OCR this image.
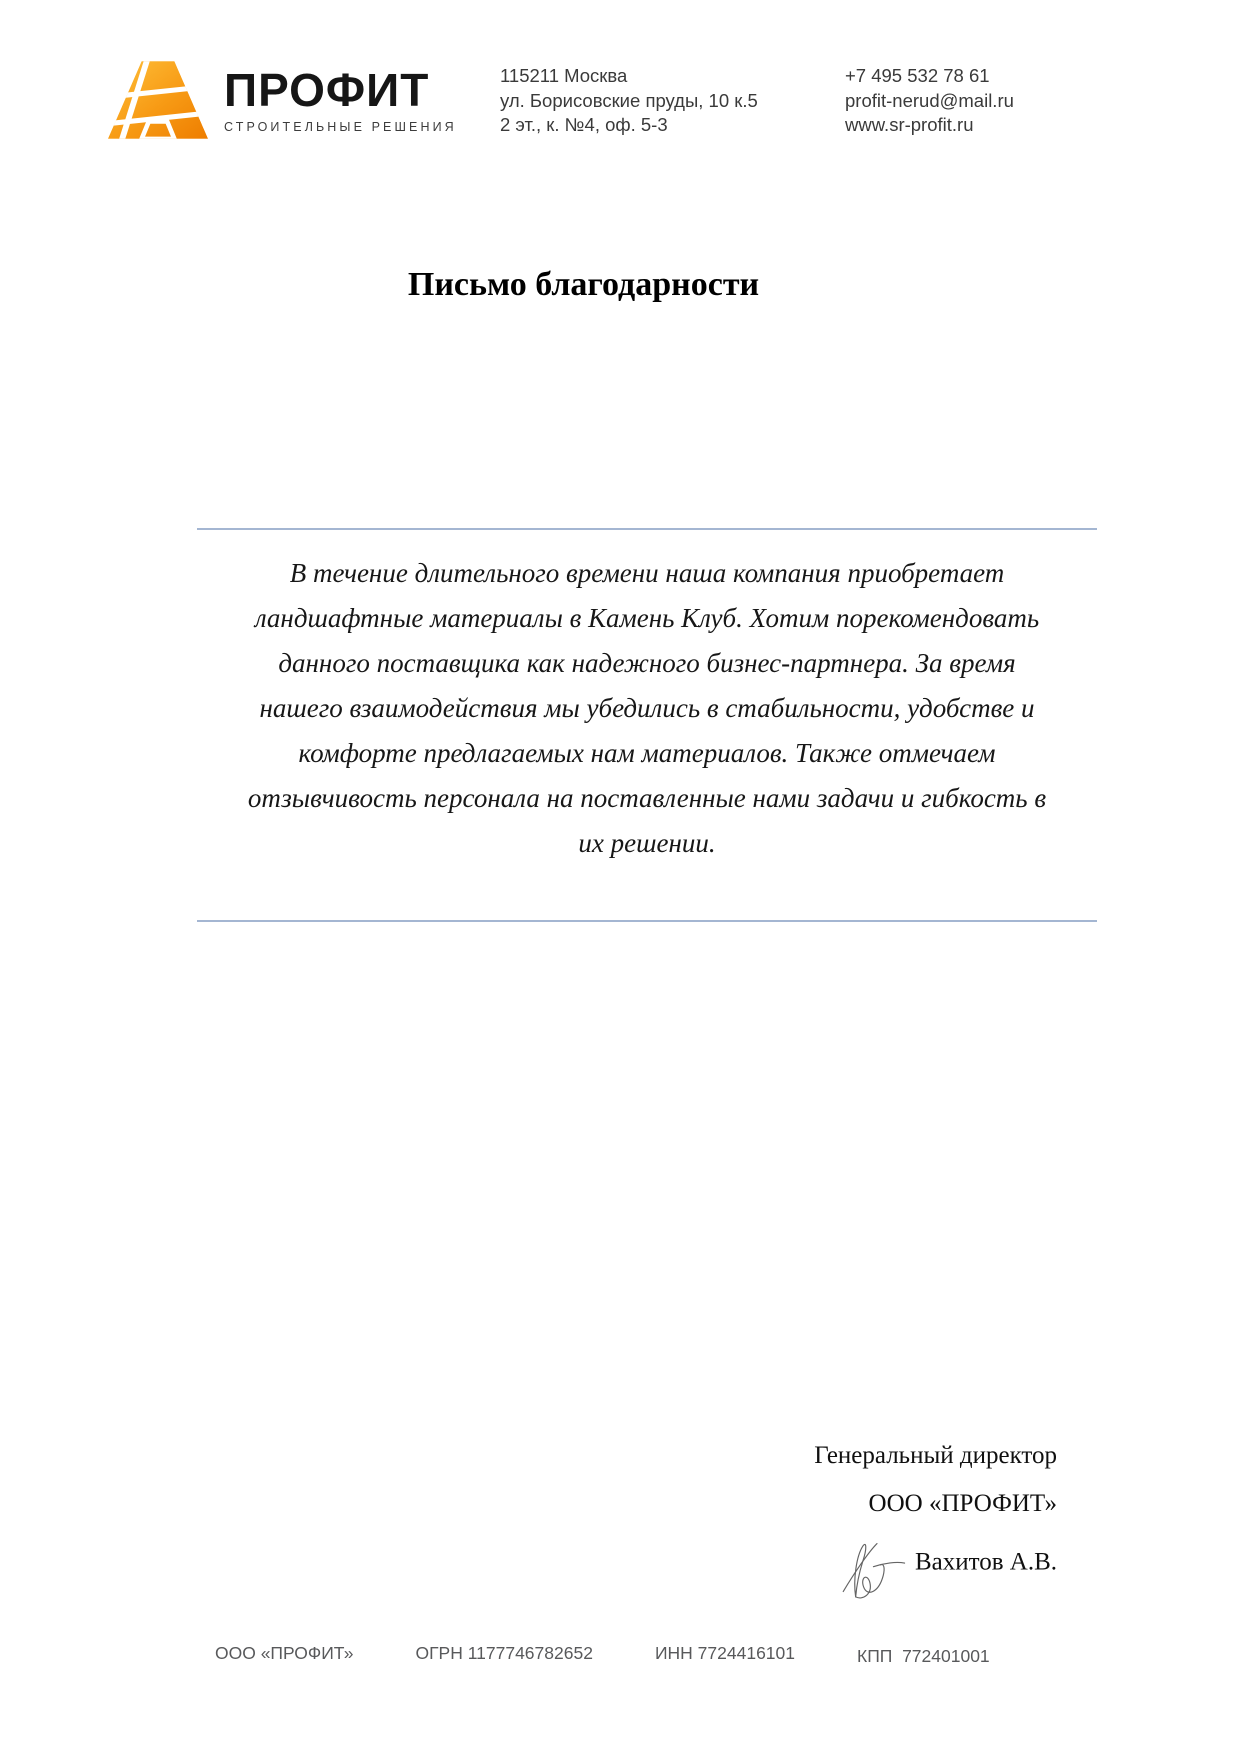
ПРОФИТ
СТРОИТЕЛЬНЫЕ РЕШЕНИЯ
115211 Москва
ул. Борисовские пруды, 10 к.5
2 эт., к. №4, оф. 5-3
+7 495 532 78 61
profit-nerud@mail.ru
www.sr-profit.ru
Письмо благодарности
В течение длительного времени наша компания приобретает
ландшафтные материалы в Камень Клуб. Хотим порекомендовать
данного поставщика как надежного бизнес-партнера. За время
нашего взаимодействия мы убедились в стабильности, удобстве и
комфорте предлагаемых нам материалов. Также отмечаем
отзывчивость персонала на поставленные нами задачи и гибкость в
их решении.
Генеральный директор
ООО «ПРОФИТ»
Вахитов А.В.
ООО «ПРОФИТ»	ОГРН 1177746782652	ИНН 7724416101	КПП  772401001
